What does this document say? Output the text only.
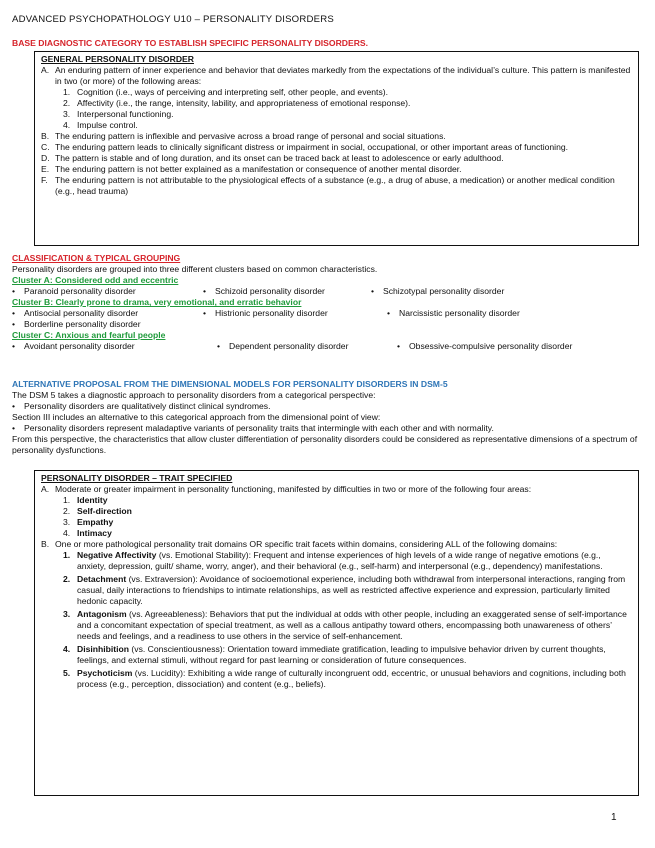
ADVANCED PSYCHOPATHOLOGY U10 – PERSONALITY DISORDERS
BASE DIAGNOSTIC CATEGORY TO ESTABLISH SPECIFIC PERSONALITY DISORDERS.
GENERAL PERSONALITY DISORDER
A. An enduring pattern of inner experience and behavior that deviates markedly from the expectations of the individual’s culture. This pattern is manifested in two (or more) of the following areas:
1. Cognition (i.e., ways of perceiving and interpreting self, other people, and events).
2. Affectivity (i.e., the range, intensity, lability, and appropriateness of emotional response).
3. Interpersonal functioning.
4. Impulse control.
B. The enduring pattern is inflexible and pervasive across a broad range of personal and social situations.
C. The enduring pattern leads to clinically significant distress or impairment in social, occupational, or other important areas of functioning.
D. The pattern is stable and of long duration, and its onset can be traced back at least to adolescence or early adulthood.
E. The enduring pattern is not better explained as a manifestation or consequence of another mental disorder.
F. The enduring pattern is not attributable to the physiological effects of a substance (e.g., a drug of abuse, a medication) or another medical condition (e.g., head trauma)
CLASSIFICATION & TYPICAL GROUPING
Personality disorders are grouped into three different clusters based on common characteristics.
Cluster A: Considered odd and eccentric
•	Paranoid personality disorder	•	Schizoid personality disorder	•	Schizotypal personality disorder
Cluster B: Clearly prone to drama, very emotional, and erratic behavior
•	Antisocial personality disorder	•	Histrionic personality disorder	•	Narcissistic personality disorder
•	Borderline personality disorder
Cluster C: Anxious and fearful people
•	Avoidant personality disorder	•	Dependent personality disorder	•	Obsessive-compulsive personality disorder
ALTERNATIVE PROPOSAL FROM THE DIMENSIONAL MODELS FOR PERSONALITY DISORDERS IN DSM-5
The DSM 5 takes a diagnostic approach to personality disorders from a categorical perspective:
•	Personality disorders are qualitatively distinct clinical syndromes.
Section III includes an alternative to this categorical approach from the dimensional point of view:
•	Personality disorders represent maladaptive variants of personality traits that intermingle with each other and with normality.
From this perspective, the characteristics that allow cluster differentiation of personality disorders could be considered as representative dimensions of a spectrum of personality dysfunctions.
PERSONALITY DISORDER – TRAIT SPECIFIED
A. Moderate or greater impairment in personality functioning, manifested by difficulties in two or more of the following four areas:
1. Identity
2. Self-direction
3. Empathy
4. Intimacy
B. One or more pathological personality trait domains OR specific trait facets within domains, considering ALL of the following domains:
1. Negative Affectivity (vs. Emotional Stability): Frequent and intense experiences of high levels of a wide range of negative emotions (e.g., anxiety, depression, guilt/ shame, worry, anger), and their behavioral (e.g., self-harm) and interpersonal (e.g., dependency) manifestations.
2. Detachment (vs. Extraversion): Avoidance of socioemotional experience, including both withdrawal from interpersonal interactions, ranging from casual, daily interactions to friendships to intimate relationships, as well as restricted affective experience and expression, particularly limited hedonic capacity.
3. Antagonism (vs. Agreeableness): Behaviors that put the individual at odds with other people, including an exaggerated sense of self-importance and a concomitant expectation of special treatment, as well as a callous antipathy toward others, encompassing both unawareness of others’ needs and feelings, and a readiness to use others in the service of self-enhancement.
4. Disinhibition (vs. Conscientiousness): Orientation toward immediate gratification, leading to impulsive behavior driven by current thoughts, feelings, and external stimuli, without regard for past learning or consideration of future consequences.
5. Psychoticism (vs. Lucidity): Exhibiting a wide range of culturally incongruent odd, eccentric, or unusual behaviors and cognitions, including both process (e.g., perception, dissociation) and content (e.g., beliefs).
1
